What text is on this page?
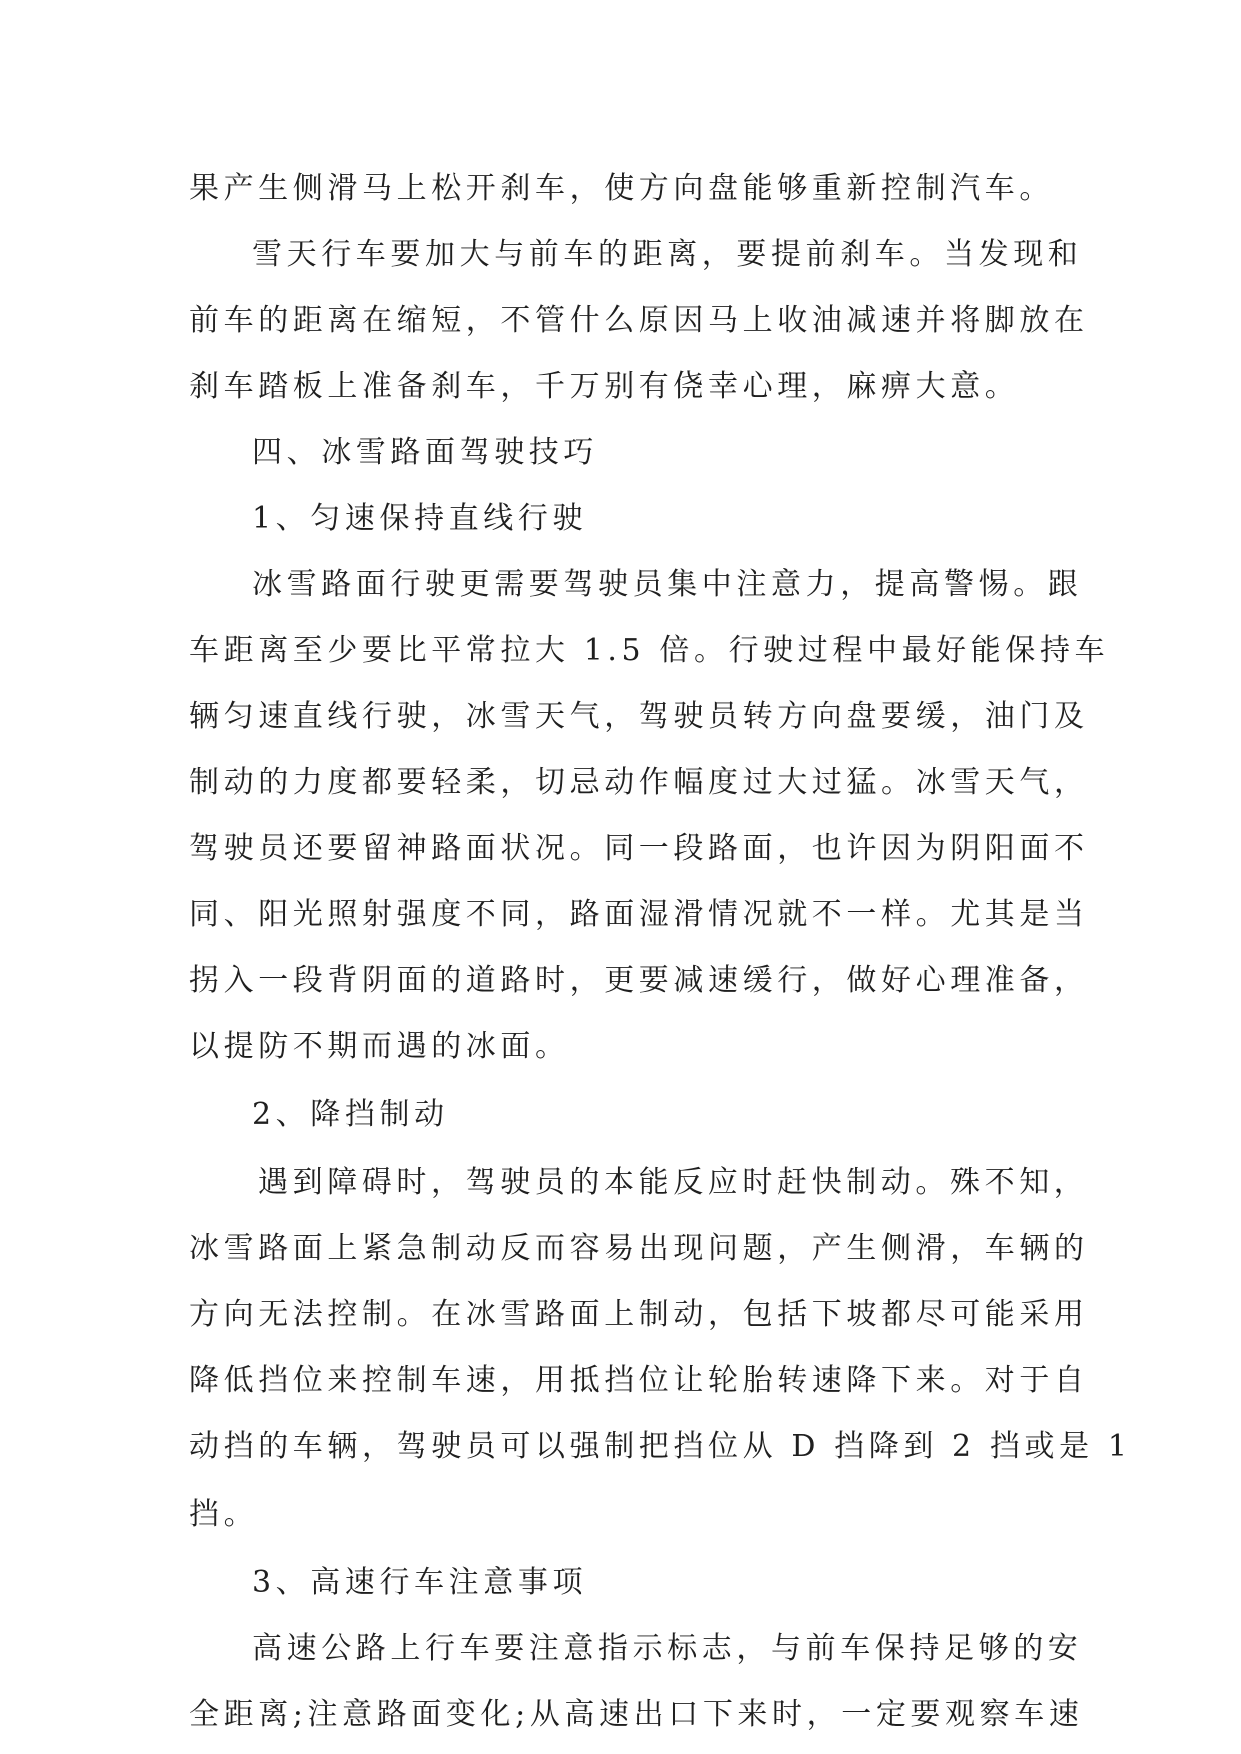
果产生侧滑马上松开刹车，使方向盘能够重新控制汽车。

雪天行车要加大与前车的距离，要提前刹车。当发现和

前车的距离在缩短，不管什么原因马上收油减速并将脚放在

刹车踏板上准备刹车，千万别有侥幸心理，麻痹大意。

四、冰雪路面驾驶技巧

1、匀速保持直线行驶

冰雪路面行驶更需要驾驶员集中注意力，提高警惕。跟

车距离至少要比平常拉大 1.5 倍。行驶过程中最好能保持车

辆匀速直线行驶，冰雪天气，驾驶员转方向盘要缓，油门及

制动的力度都要轻柔，切忌动作幅度过大过猛。冰雪天气，

驾驶员还要留神路面状况。同一段路面，也许因为阴阳面不

同、阳光照射强度不同，路面湿滑情况就不一样。尤其是当

拐入一段背阴面的道路时，更要减速缓行，做好心理准备，

以提防不期而遇的冰面。

2、降挡制动

遇到障碍时，驾驶员的本能反应时赶快制动。殊不知，

冰雪路面上紧急制动反而容易出现问题，产生侧滑，车辆的

方向无法控制。在冰雪路面上制动，包括下坡都尽可能采用

降低挡位来控制车速，用抵挡位让轮胎转速降下来。对于自

动挡的车辆，驾驶员可以强制把挡位从 D 挡降到 2 挡或是 1

挡。

3、高速行车注意事项

高速公路上行车要注意指示标志，与前车保持足够的安

全距离;注意路面变化;从高速出口下来时，一定要观察车速
